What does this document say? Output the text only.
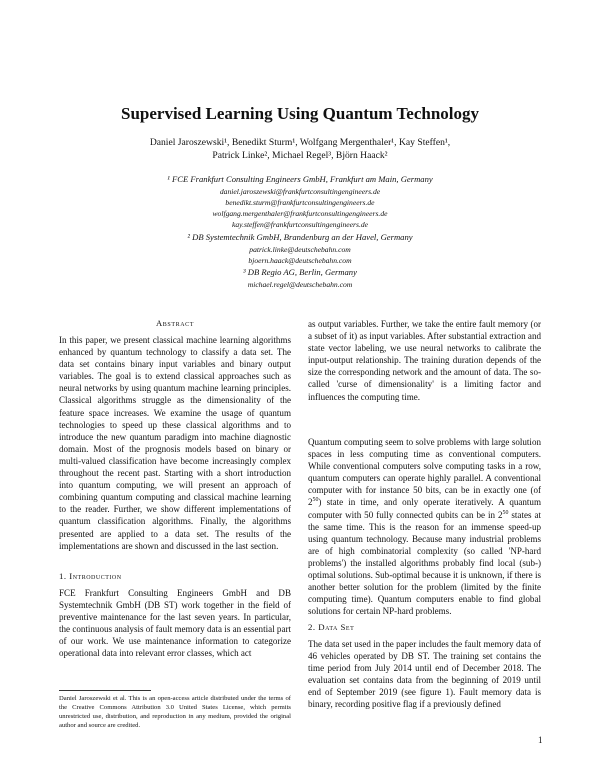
Supervised Learning Using Quantum Technology
Daniel Jaroszewski¹, Benedikt Sturm¹, Wolfgang Mergenthaler¹, Kay Steffen¹,
Patrick Linke², Michael Regel³, Björn Haack²
¹ FCE Frankfurt Consulting Engineers GmbH, Frankfurt am Main, Germany
daniel.jaroszewski@frankfurtconsultingengineers.de
benedikt.sturm@frankfurtconsultingengineers.de
wolfgang.mergenthaler@frankfurtconsultingengineers.de
kay.steffen@frankfurtconsultingengineers.de
² DB Systemtechnik GmbH, Brandenburg an der Havel, Germany
patrick.linke@deutschebahn.com
bjoern.haack@deutschebahn.com
³ DB Regio AG, Berlin, Germany
michael.regel@deutschebahn.com
Abstract
In this paper, we present classical machine learning algorithms enhanced by quantum technology to classify a data set. The data set contains binary input variables and binary output variables. The goal is to extend classical approaches such as neural networks by using quantum machine learning principles. Classical algorithms struggle as the dimensionality of the feature space increases. We examine the usage of quantum technologies to speed up these classical algorithms and to introduce the new quantum paradigm into machine diagnostic domain. Most of the prognosis models based on binary or multi-valued classification have become increasingly complex throughout the recent past. Starting with a short introduction into quantum computing, we will present an approach of combining quantum computing and classical machine learning to the reader. Further, we show different implementations of quantum classification algorithms. Finally, the algorithms presented are applied to a data set. The results of the implementations are shown and discussed in the last section.
1. Introduction
FCE Frankfurt Consulting Engineers GmbH and DB Systemtechnik GmbH (DB ST) work together in the field of preventive maintenance for the last seven years. In particular, the continuous analysis of fault memory data is an essential part of our work. We use maintenance information to categorize operational data into relevant error classes, which act
Daniel Jaroszewski et al. This is an open-access article distributed under the terms of the Creative Commons Attribution 3.0 United States License, which permits unrestricted use, distribution, and reproduction in any medium, provided the original author and source are credited.
as output variables. Further, we take the entire fault memory (or a subset of it) as input variables. After substantial extraction and state vector labeling, we use neural networks to calibrate the input-output relationship. The training duration depends of the size the corresponding network and the amount of data. The so-called 'curse of dimensionality' is a limiting factor and influences the computing time.
Quantum computing seem to solve problems with large solution spaces in less computing time as conventional computers. While conventional computers solve computing tasks in a row, quantum computers can operate highly parallel. A conventional computer with for instance 50 bits, can be in exactly one (of $2^{50}$) state in time, and only operate iteratively. A quantum computer with 50 fully connected qubits can be in $2^{50}$ states at the same time. This is the reason for an immense speed-up using quantum technology. Because many industrial problems are of high combinatorial complexity (so called 'NP-hard problems') the installed algorithms probably find local (sub-) optimal solutions. Sub-optimal because it is unknown, if there is another better solution for the problem (limited by the finite computing time). Quantum computers enable to find global solutions for certain NP-hard problems.
2. Data Set
The data set used in the paper includes the fault memory data of 46 vehicles operated by DB ST. The training set contains the time period from July 2014 until end of December 2018. The evaluation set contains data from the beginning of 2019 until end of September 2019 (see figure 1). Fault memory data is binary, recording positive flag if a previously defined
1
